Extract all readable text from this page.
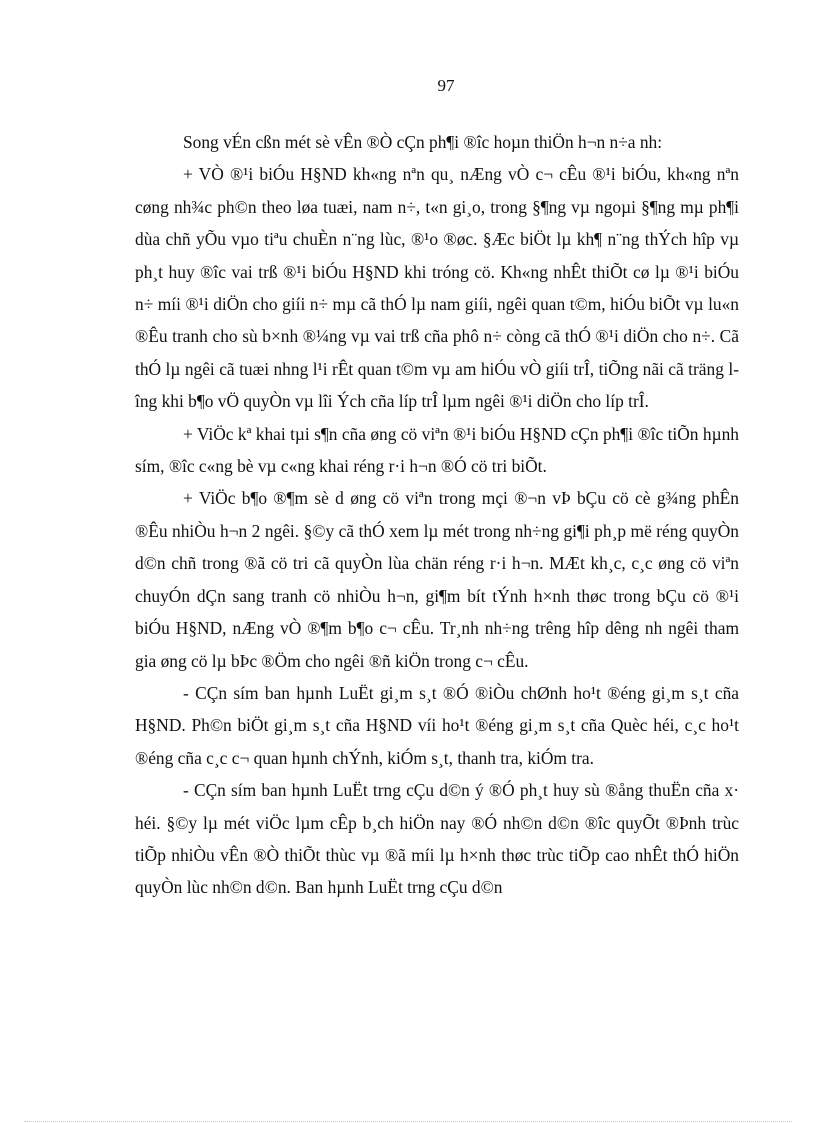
97

Song vÉn cßn mét sè vÊn ®Ò cÇn ph¶i ®îc hoµn thiÖn h¬n n÷a nh:

+ VÒ ®¹i biÓu H§ND kh«ng nªn qu¸ nÆng vÒ c¬ cÊu ®¹i biÓu, kh«ng nªn cøng nh¾c ph©n theo løa tuæi, nam n÷, t«n gi¸o, trong §¶ng vµ ngoµi §¶ng mµ ph¶i dùa chñ yÕu vµo tiªu chuÈn n¨ng lùc, ®¹o ®øc. §Æc biÖt lµ kh¶ n¨ng thÝch hîp vµ ph¸t huy ®îc vai trß ®¹i biÓu H§ND khi tróng cö. Kh«ng nhÊt thiÕt cø lµ ®¹i biÓu n÷ míi ®¹i diÖn cho giíi n÷ mµ cã thÓ lµ nam giíi, ngêi quan t©m, hiÓu biÕt vµ lu«n ®Êu tranh cho sù b×nh ®¼ng vµ vai trß cña phô n÷ còng cã thÓ ®¹i diÖn cho n÷. Cã thÓ lµ ngêi cã tuæi nhng l¹i rÊt quan t©m vµ am hiÓu vÒ giíi trÎ, tiÕng nãi cã träng lîng khi b¶o vÖ quyÒn vµ lîi Ých cña líp trÎ lµm ngêi ®¹i diÖn cho líp trÎ.

+ ViÖc kª khai tµi s¶n cña øng cö viªn ®¹i biÓu H§ND cÇn ph¶i ®îc tiÕn hµnh sím, ®îc c«ng bè vµ c«ng khai réng r·i h¬n ®Ó cö tri biÕt.

+ ViÖc b¶o ®¶m sè d øng cö viªn trong mçi ®¬n vÞ bÇu cö cè g¾ng phÊn ®Êu nhiÒu h¬n 2 ngêi. §©y cã thÓ xem lµ mét trong nh÷ng gi¶i ph¸p më réng quyÒn d©n chñ trong ®ã cö tri cã quyÒn lùa chän réng r·i h¬n. MÆt kh¸c, c¸c øng cö viªn chuyÓn dÇn sang tranh cö nhiÒu h¬n, gi¶m bít tÝnh h×nh thøc trong bÇu cö ®¹i biÓu H§ND, nÆng vÒ ®¶m b¶o c¬ cÊu. Tr¸nh nh÷ng trêng hîp dêng nh ngêi tham gia øng cö lµ bÞc ®Öm cho ngêi ®ñ kiÖn trong c¬ cÊu.

- CÇn sím ban hµnh LuËt gi¸m s¸t ®Ó ®iÒu chØnh ho¹t ®éng gi¸m s¸t cña H§ND. Ph©n biÖt gi¸m s¸t cña H§ND víi ho¹t ®éng gi¸m s¸t cña Quèc héi, c¸c ho¹t ®éng cña c¸c c¬ quan hµnh chÝnh, kiÓm s¸t, thanh tra, kiÓm tra.

- CÇn sím ban hµnh LuËt trng cÇu d©n ý ®Ó ph¸t huy sù ®ång thuËn cña x· héi. §©y lµ mét viÖc lµm cÊp b¸ch hiÖn nay ®Ó nh©n d©n ®îc quyÕt ®Þnh trùc tiÕp nhiÒu vÊn ®Ò thiÕt thùc vµ ®ã míi lµ h×nh thøc trùc tiÕp cao nhÊt thÓ hiÖn quyÒn lùc nh©n d©n. Ban hµnh LuËt trng cÇu d©n
